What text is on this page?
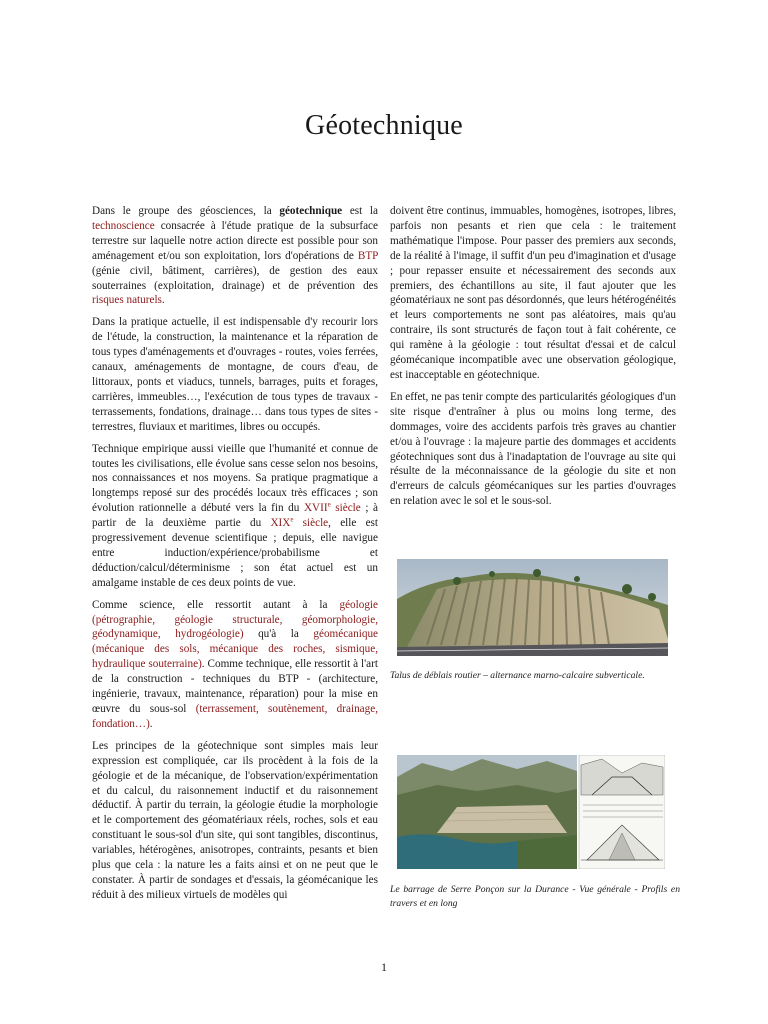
Géotechnique

Dans le groupe des géosciences, la géotechnique est la technoscience consacrée à l'étude pratique de la subsurface terrestre sur laquelle notre action directe est possible pour son aménagement et/ou son exploitation, lors d'opérations de BTP (génie civil, bâtiment, carrières), de gestion des eaux souterraines (exploitation, drainage) et de prévention des risques naturels.

Dans la pratique actuelle, il est indispensable d'y recourir lors de l'étude, la construction, la maintenance et la réparation de tous types d'aménagements et d'ouvrages - routes, voies ferrées, canaux, aménagements de montagne, de cours d'eau, de littoraux, ponts et viaducs, tunnels, barrages, puits et forages, carrières, immeubles…, l'exécution de tous types de travaux - terrassements, fondations, drainage… dans tous types de sites - terrestres, fluviaux et maritimes, libres ou occupés.

Technique empirique aussi vieille que l'humanité et connue de toutes les civilisations, elle évolue sans cesse selon nos besoins, nos connaissances et nos moyens. Sa pratique pragmatique a longtemps reposé sur des procédés locaux très efficaces ; son évolution rationnelle a débuté vers la fin du XVIIe siècle ; à partir de la deuxième partie du XIXe siècle, elle est progressivement devenue scientifique ; depuis, elle navigue entre induction/expérience/probabilisme et déduction/calcul/déterminisme ; son état actuel est un amalgame instable de ces deux points de vue.

Comme science, elle ressortit autant à la géologie (pétrographie, géologie structurale, géomorphologie, géodynamique, hydrogéologie) qu'à la géomécanique (mécanique des sols, mécanique des roches, sismique, hydraulique souterraine). Comme technique, elle ressortit à l'art de la construction - techniques du BTP - (architecture, ingénierie, travaux, maintenance, réparation) pour la mise en œuvre du sous-sol (terrassement, soutènement, drainage, fondation…).

Les principes de la géotechnique sont simples mais leur expression est compliquée, car ils procèdent à la fois de la géologie et de la mécanique, de l'observation/expérimentation et du calcul, du raisonnement inductif et du raisonnement déductif. À partir du terrain, la géologie étudie la morphologie et le comportement des géomatériaux réels, roches, sols et eau constituant le sous-sol d'un site, qui sont tangibles, discontinus, variables, hétérogènes, anisotropes, contraints, pesants et bien plus que cela : la nature les a faits ainsi et on ne peut que le constater. À partir de sondages et d'essais, la géomécanique les réduit à des milieux virtuels de modèles qui

doivent être continus, immuables, homogènes, isotropes, libres, parfois non pesants et rien que cela : le traitement mathématique l'impose. Pour passer des premiers aux seconds, de la réalité à l'image, il suffit d'un peu d'imagination et d'usage ; pour repasser ensuite et nécessairement des seconds aux premiers, des échantillons au site, il faut ajouter que les géomatériaux ne sont pas désordonnés, que leurs hétérogénéités et leurs comportements ne sont pas aléatoires, mais qu'au contraire, ils sont structurés de façon tout à fait cohérente, ce qui ramène à la géologie : tout résultat d'essai et de calcul géomécanique incompatible avec une observation géologique, est inacceptable en géotechnique.

En effet, ne pas tenir compte des particularités géologiques d'un site risque d'entraîner à plus ou moins long terme, des dommages, voire des accidents parfois très graves au chantier et/ou à l'ouvrage : la majeure partie des dommages et accidents géotechniques sont dus à l'inadaptation de l'ouvrage au site qui résulte de la méconnaissance de la géologie du site et non d'erreurs de calculs géomécaniques sur les parties d'ouvrages en relation avec le sol et le sous-sol.

Talus de déblais routier – alternance marno-calcaire subverticale.
Le barrage de Serre Ponçon sur la Durance - Vue générale - Profils en travers et en long
1
